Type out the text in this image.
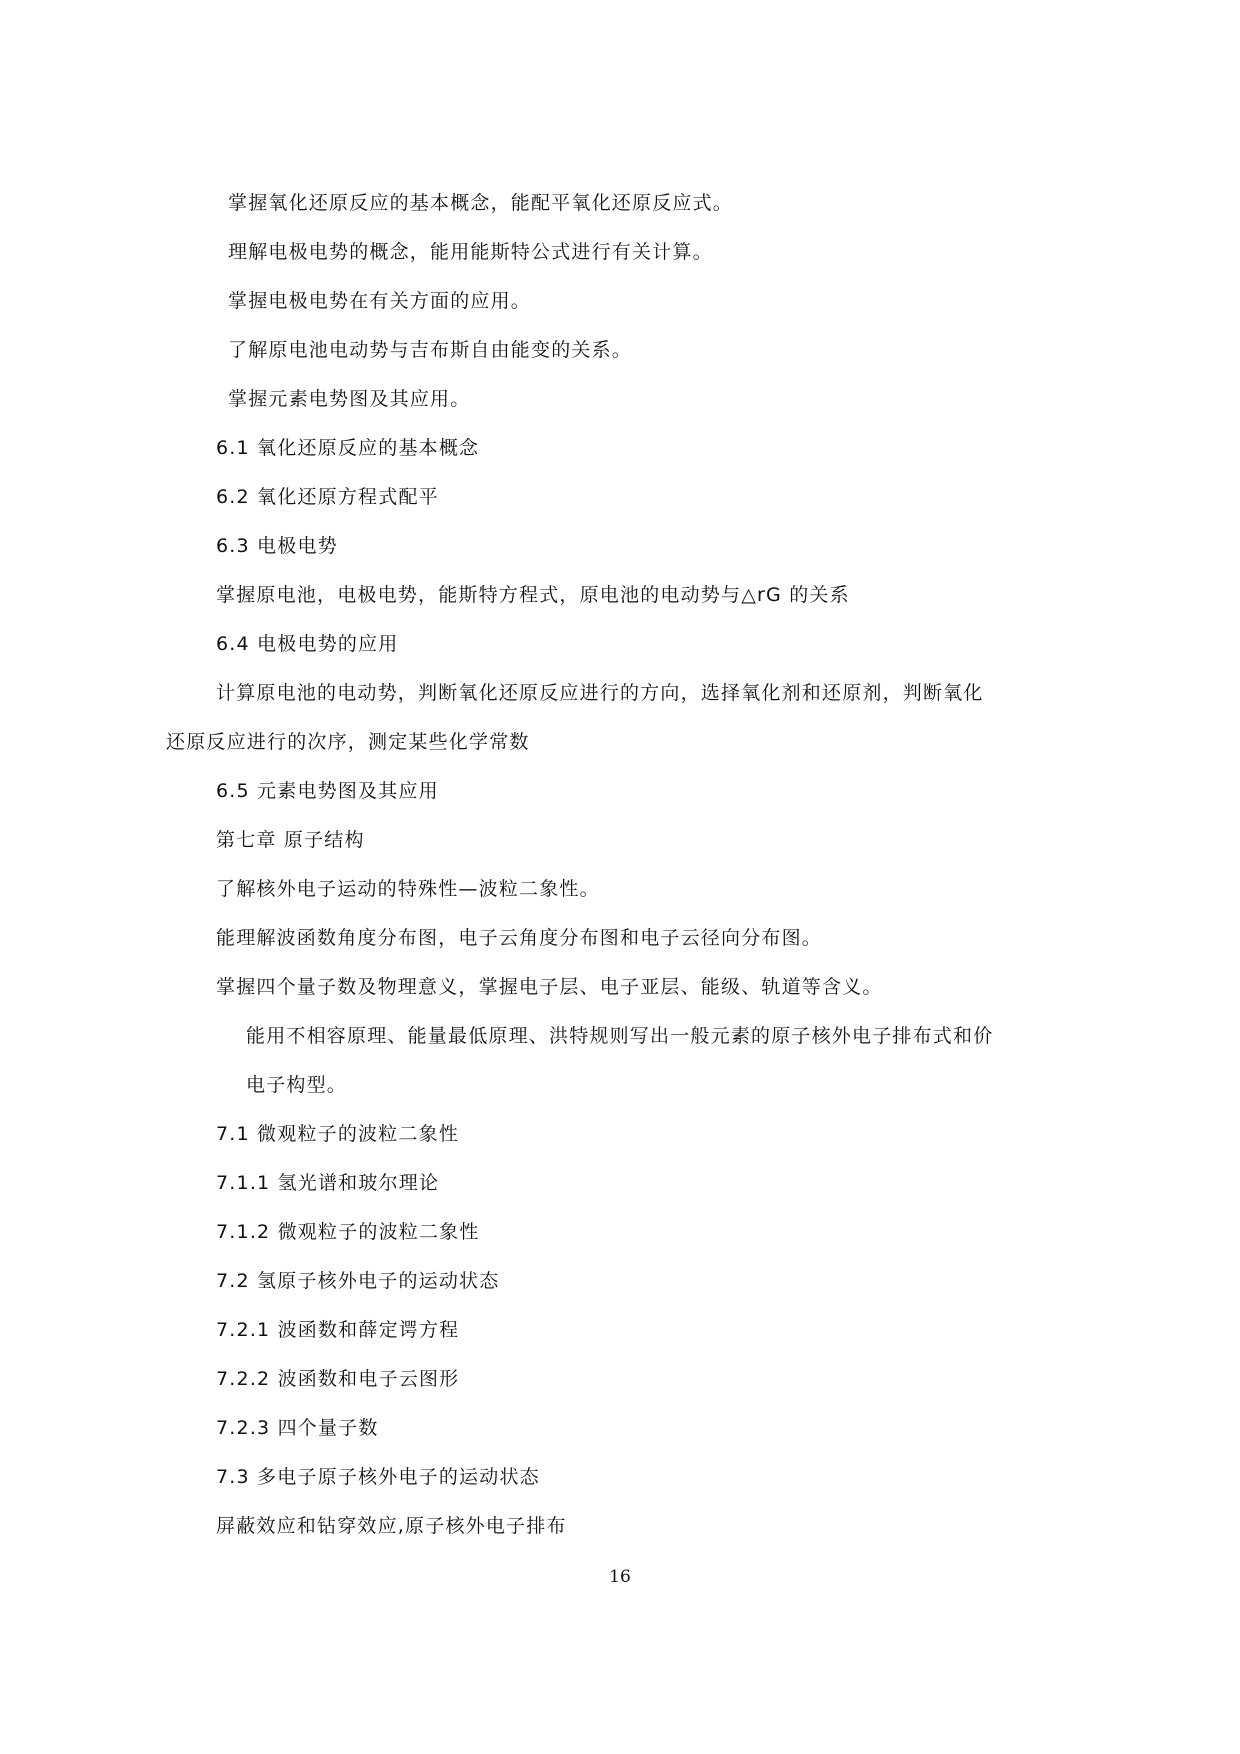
掌握氧化还原反应的基本概念，能配平氧化还原反应式。
理解电极电势的概念，能用能斯特公式进行有关计算。
掌握电极电势在有关方面的应用。
了解原电池电动势与吉布斯自由能变的关系。
掌握元素电势图及其应用。
6.1 氧化还原反应的基本概念
6.2 氧化还原方程式配平
6.3 电极电势
掌握原电池，电极电势，能斯特方程式，原电池的电动势与△rG 的关系
6.4 电极电势的应用
计算原电池的电动势，判断氧化还原反应进行的方向，选择氧化剂和还原剂，判断氧化
还原反应进行的次序，测定某些化学常数
6.5 元素电势图及其应用
第七章 原子结构
了解核外电子运动的特殊性—波粒二象性。
能理解波函数角度分布图，电子云角度分布图和电子云径向分布图。
掌握四个量子数及物理意义，掌握电子层、电子亚层、能级、轨道等含义。
能用不相容原理、能量最低原理、洪特规则写出一般元素的原子核外电子排布式和价
电子构型。
7.1 微观粒子的波粒二象性
7.1.1 氢光谱和玻尔理论
7.1.2 微观粒子的波粒二象性
7.2 氢原子核外电子的运动状态
7.2.1 波函数和薛定谔方程
7.2.2 波函数和电子云图形
7.2.3 四个量子数
7.3 多电子原子核外电子的运动状态
屏蔽效应和钻穿效应,原子核外电子排布
16
